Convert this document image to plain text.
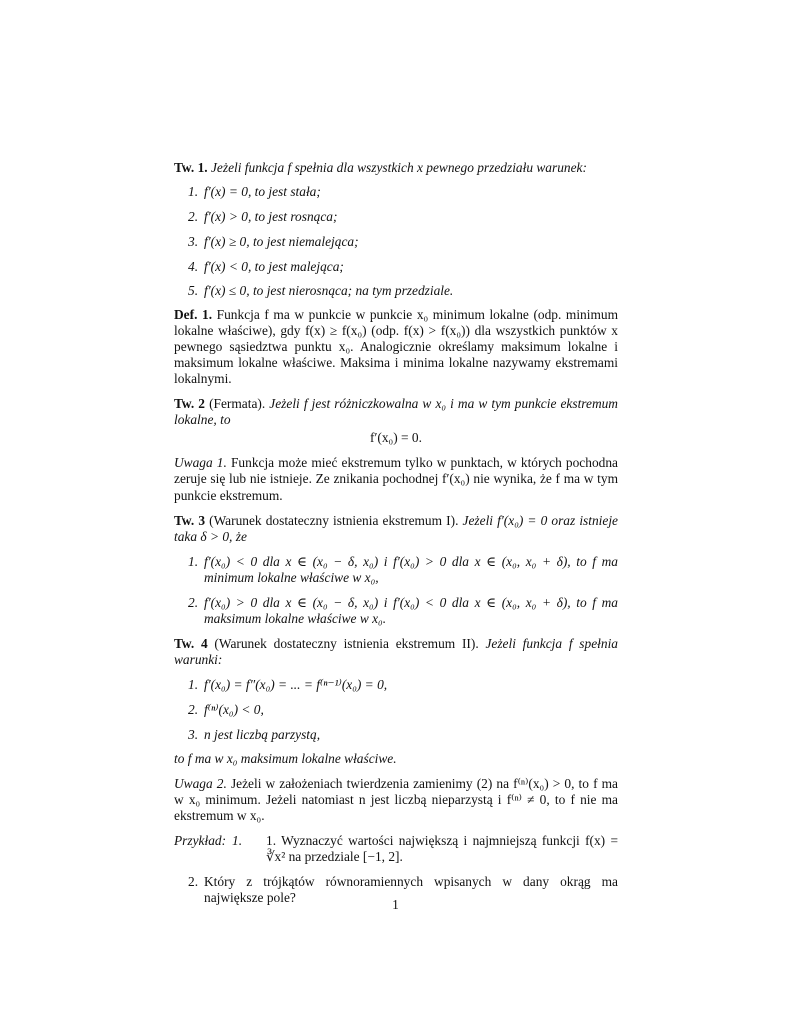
Tw. 1. Jeżeli funkcja f spełnia dla wszystkich x pewnego przedziału warunek:
1. f′(x) = 0, to jest stała;
2. f′(x) > 0, to jest rosnąca;
3. f′(x) ≥ 0, to jest niemalejąca;
4. f′(x) < 0, to jest malejąca;
5. f′(x) ≤ 0, to jest nierosnąca; na tym przedziale.
Def. 1. Funkcja f ma w punkcie w punkcie x₀ minimum lokalne (odp. minimum lokalne właściwe), gdy f(x) ≥ f(x₀) (odp. f(x) > f(x₀)) dla wszystkich punktów x pewnego sąsiedztwa punktu x₀. Analogicznie określamy maksimum lokalne i maksimum lokalne właściwe. Maksima i minima lokalne nazywamy ekstremami lokalnymi.
Tw. 2 (Fermata). Jeżeli f jest różniczkowalna w x₀ i ma w tym punkcie ekstremum lokalne, to
f′(x₀) = 0.
Uwaga 1. Funkcja może mieć ekstremum tylko w punktach, w których pochodna zeruje się lub nie istnieje. Ze znikania pochodnej f′(x₀) nie wynika, że f ma w tym punkcie ekstremum.
Tw. 3 (Warunek dostateczny istnienia ekstremum I). Jeżeli f′(x₀) = 0 oraz istnieje taka δ > 0, że
1. f′(x₀) < 0 dla x ∈ (x₀ − δ, x₀) i f′(x₀) > 0 dla x ∈ (x₀, x₀ + δ), to f ma minimum lokalne właściwe w x₀,
2. f′(x₀) > 0 dla x ∈ (x₀ − δ, x₀) i f′(x₀) < 0 dla x ∈ (x₀, x₀ + δ), to f ma maksimum lokalne właściwe w x₀.
Tw. 4 (Warunek dostateczny istnienia ekstremum II). Jeżeli funkcja f spełnia warunki:
1. f′(x₀) = f″(x₀) = ... = f⁽ⁿ⁻¹⁾(x₀) = 0,
2. f⁽ⁿ⁾(x₀) < 0,
3. n jest liczbą parzystą,
to f ma w x₀ maksimum lokalne właściwe.
Uwaga 2. Jeżeli w założeniach twierdzenia zamienimy (2) na f⁽ⁿ⁾(x₀) > 0, to f ma w x₀ minimum. Jeżeli natomiast n jest liczbą nieparzystą i f⁽ⁿ⁾ ≠ 0, to f nie ma ekstremum w x₀.
Przykład: 1. 1. Wyznaczyć wartości największą i najmniejszą funkcji f(x) = ∛x² na przedziale [−1, 2].
2. Który z trójkątów równoramiennych wpisanych w dany okrąg ma największe pole?	1
